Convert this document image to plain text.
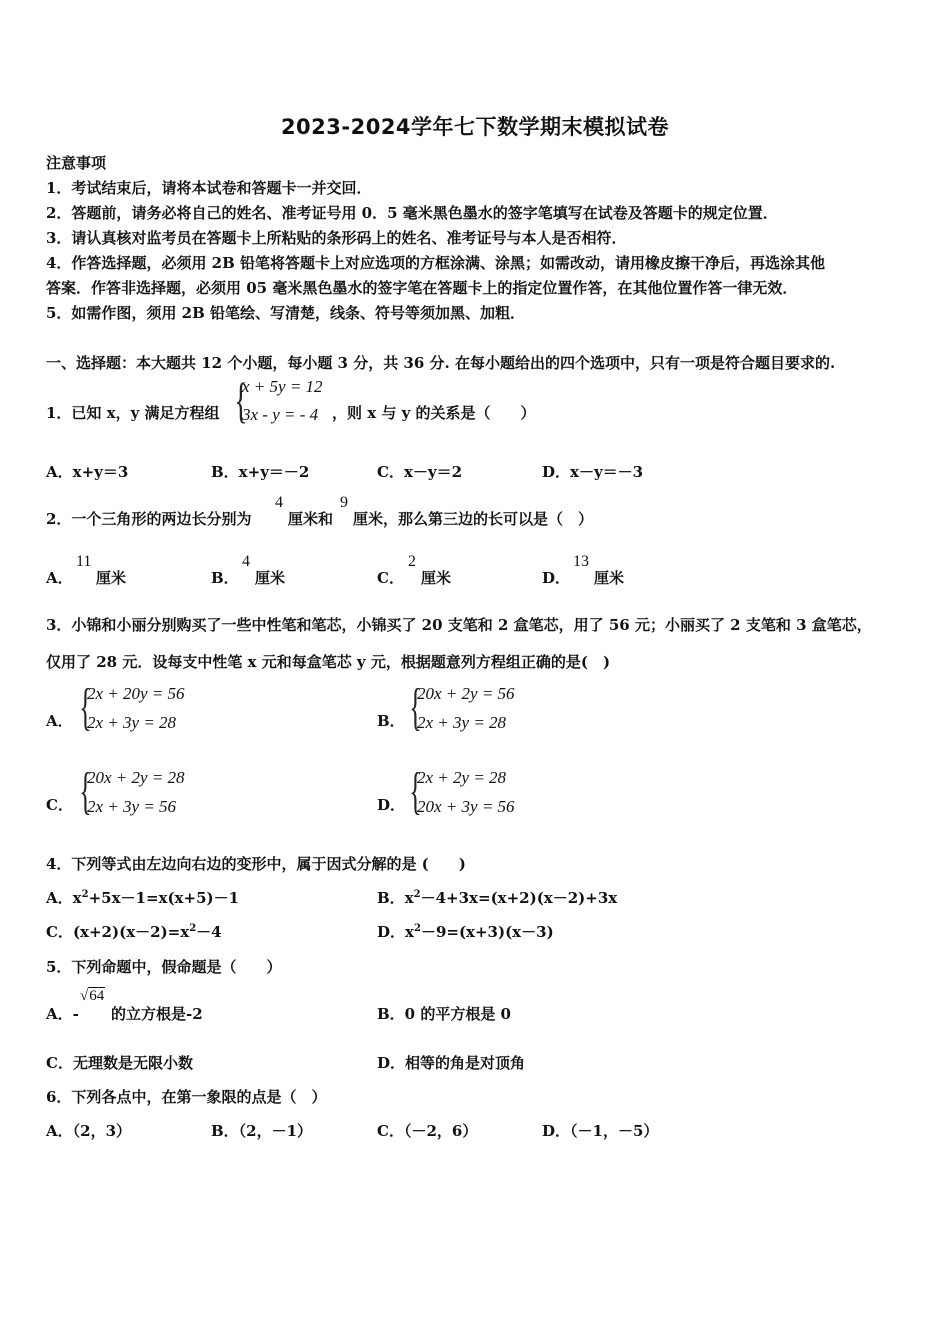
2023-2024学年七下数学期末模拟试卷
注意事项
1．考试结束后，请将本试卷和答题卡一并交回．
2．答题前，请务必将自己的姓名、准考证号用 0．5 毫米黑色墨水的签字笔填写在试卷及答题卡的规定位置．
3．请认真核对监考员在答题卡上所粘贴的条形码上的姓名、准考证号与本人是否相符．
4．作答选择题，必须用 2B 铅笔将答题卡上对应选项的方框涂满、涂黑；如需改动，请用橡皮擦干净后，再选涂其他
答案．作答非选择题，必须用 05 毫米黑色墨水的签字笔在答题卡上的指定位置作答，在其他位置作答一律无效．
5．如需作图，须用 2B 铅笔绘、写清楚，线条、符号等须加黑、加粗．
一、选择题：本大题共 12 个小题，每小题 3 分，共 36 分. 在每小题给出的四个选项中，只有一项是符合题目要求的.
1．已知 x，y 满足方程组 {
x + 5y = 12
3x - y = - 4 ，则 x 与 y 的关系是（　　）
A．x+y＝3	B．x+y＝－2	C．x－y＝2	D．x－y＝－3
2．一个三角形的两边长分别为
4
厘米和
9
厘米，那么第三边的长可以是（　）
A．
11
厘米	B．
4
厘米	C．
2
厘米	D．
13
厘米
3．小锦和小丽分别购买了一些中性笔和笔芯，小锦买了 20 支笔和 2 盒笔芯，用了 56 元；小丽买了 2 支笔和 3 盒笔芯，
仅用了 28 元．设每支中性笔 x 元和每盒笔芯 y 元，根据题意列方程组正确的是(　)
A． {
2x + 20y = 56
2x + 3y = 28	B． {
20x + 2y = 56
2x + 3y = 28
C． {
20x + 2y = 28
2x + 3y = 56	D． {
2x + 2y = 28
20x + 3y = 56
4．下列等式由左边向右边的变形中，属于因式分解的是 (　　)
A．$x^2+5x-1=x(x+5)-1$	B．$x^2-4+3x=(x+2)(x-2)+3x$
C．$(x+2)(x-2)=x^2-4$	D．$x^2-9=(x+3)(x-3)$
5．下列命题中，假命题是（　　）
A．-
√64
的立方根是-2	B．0 的平方根是 0
C．无理数是无限小数	D．相等的角是对顶角
6．下列各点中，在第一象限的点是（　）
A．（2，3）	B．（2，－1）	C．（－2，6）	D．（－1，－5）
